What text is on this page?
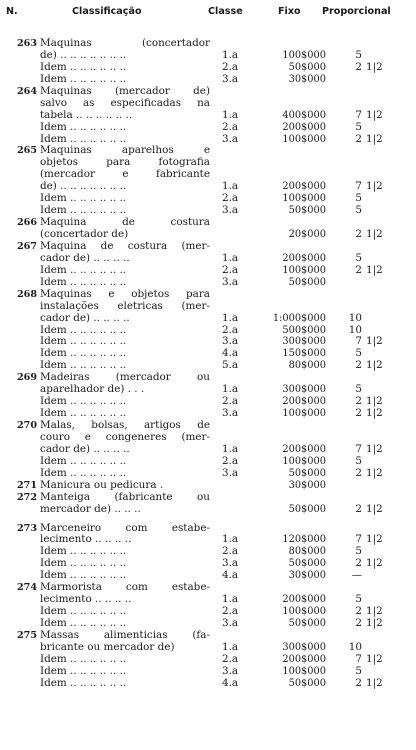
N.	Classificação	Classe	Fixo Proporcional
263 Maquinas (concertador
de) .. .. .. .. .. .. ..	1.a	100$000	5
Idem .. .. .. .. .. ..	2.a	50$000	2 1|2
Idem .. .. .. .. .. ..	3.a	30$000
264 Maquinas (mercador de)
salvo as especificadas na
tabela .. .. .. .. .. ..	1.a	400$000	7 1|2
Idem .. .. .. .. .. ..	2.a	200$000	5
Idem .. .. .. .. .. ..	3.a	100$000	2 1|2
265 Maquinas aparelhos e
objetos para fotografia
(mercador e fabricante
de) .. .. .. .. .. .. ..	1.a	200$000	7 1|2
Idem .. .. .. .. .. ..	2.a	100$000	5
Idem .. .. .. .. .. ..	3.a	50$000	5
266 Maquina de costura
(concertador de)	20$000	2 1|2
267 Maquina de costura (mer-
cador de) .. .. .. ..	1.a	200$000	5
Idem .. .. .. .. .. ..	2.a	100$000	2 1|2
Idem .. .. .. .. .. ..	3.a	50$000
268 Maquinas e objetos para
instalações eletricas (mer-
cador de) .. .. .. ..	1.a	1:000$000 10
Idem .. .. .. .. .. ..	2.a	500$000 10
Idem .. .. .. .. .. ..	3.a	300$000	7 1|2
Idem .. .. .. .. .. ..	4.a	150$000	5
Idem .. .. .. .. .. ..	5.a	80$000	2 1|2
269 Madeiras (mercador ou
aparelhador de) . . .	1.a	300$000	5
Idem .. .. .. .. .. ..	2.a	200$000	2 1|2
Idem .. .. .. .. .. ..	3.a	100$000	2 1|2
270 Malas, bolsas, artigos de
couro e congeneres (mer-
cador de) .. .. .. ..	1.a	200$000	7 1|2
Idem .. .. .. .. .. ..	2.a	100$000	5
Idem .. .. .. .. .. ..	3.a	50$000	2 1|2
271 Manicura ou pedicura .	30$000
272 Manteiga (fabricante ou
mercador de) .. .. ..	50$000	2 1|2
273 Marceneiro com estabe-
lecimento .. .. .. ..	1.a	120$000	7 1|2
Idem .. .. .. .. .. ..	2.a	80$000	5
Idem .. .. .. .. .. ..	3.a	50$000	2 1|2
Idem .. .. .. .. .. ..	4.a	30$000	—
274 Marmorista com estabe-
lecimento .. .. .. ..	1.a	200$000	5
Idem .. .. .. .. .. ..	2.a	100$000	2 1|2
Idem .. .. .. .. .. ..	3.a	50$000	2 1|2
275 Massas alimenticias (fa-
bricante ou mercador de)	1.a	300$000 10
Idem .. .. .. .. .. ..	2.a	200$000	7 1|2
Idem .. .. .. .. .. ..	3.a	100$000	5
Idem .. .. .. .. .. ..	4.a	50$000	2 1|2
